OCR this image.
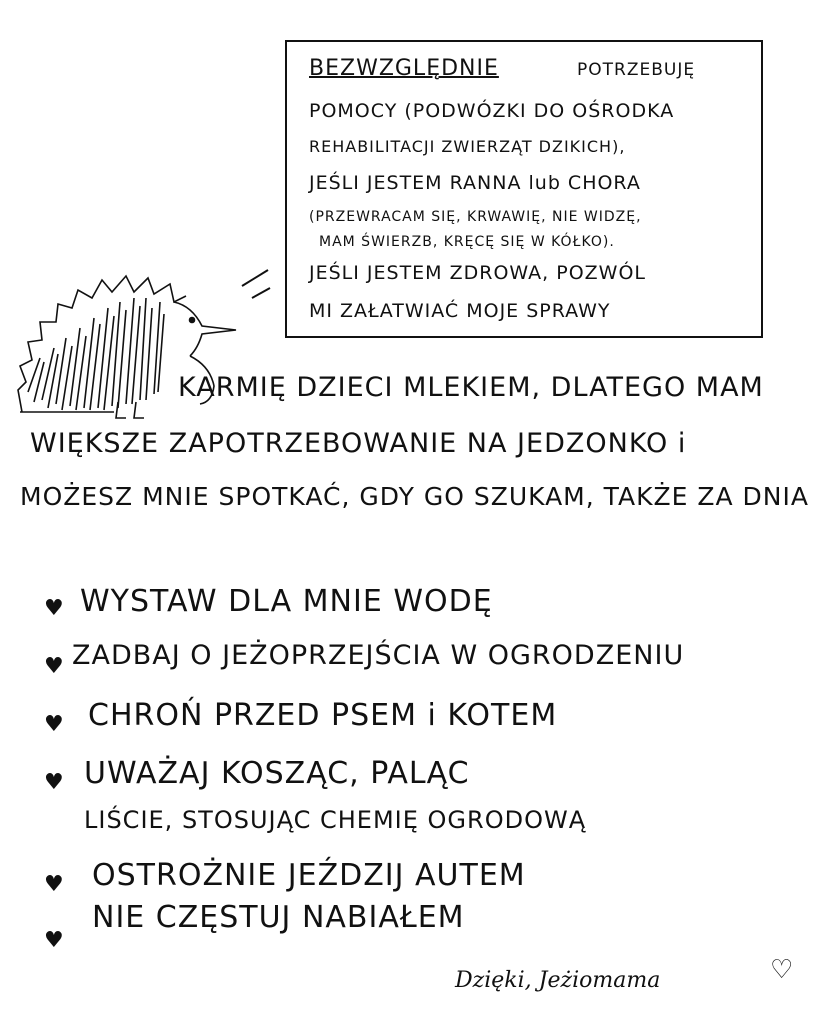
BEZWZGLĘDNIE	POTRZEBUJĘ
POMOCY (PODWÓZKI DO OŚRODKA
REHABILITACJI ZWIERZĄT DZIKICH),
JEŚLI JESTEM RANNA lub CHORA
(PRZEWRACAM SIĘ, KRWAWIĘ, NIE WIDZĘ,
MAM ŚWIERZB, KRĘCĘ SIĘ W KÓŁKO).
JEŚLI JESTEM ZDROWA, POZWÓL
MI ZAŁATWIAĆ MOJE SPRAWY
KARMIĘ DZIECI MLEKIEM, DLATEGO MAM
WIĘKSZE ZAPOTRZEBOWANIE NA JEDZONKO i
MOŻESZ MNIE SPOTKAĆ, GDY GO SZUKAM, TAKŻE ZA DNIA
♥ WYSTAW DLA MNIE WODĘ
♥ ZADBAJ O JEŻOPRZEJŚCIA W OGRODZENIU
♥ CHROŃ PRZED PSEM i KOTEM
♥ UWAŻAJ KOSZĄC, PALĄC
LIŚCIE, STOSUJĄC CHEMIĘ OGRODOWĄ
♥ OSTROŻNIE JEŹDZIJ AUTEM
♥
NIE CZĘSTUJ NABIAŁEM
Dzięki, Jeżiomama	♡
